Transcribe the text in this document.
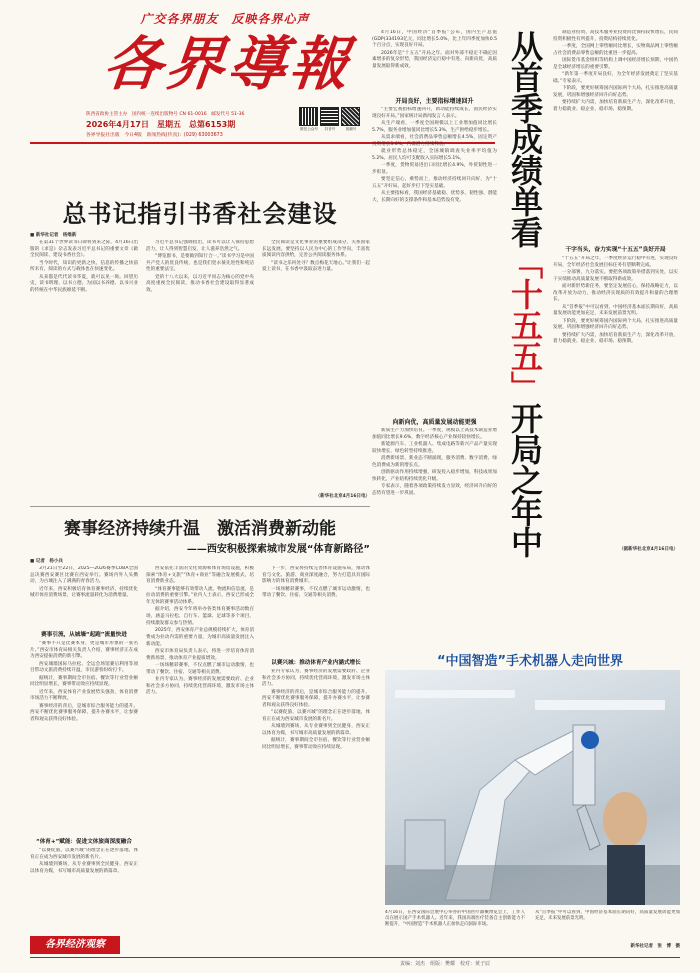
广交各界朋友　反映各界心声
各界導報
陕西省政协主管主办　国内统一连续出版物号 CN 61-0016　邮发代号 51-36
2026年4月17日　星期五　总第6153期
各界导报社出版　今日4版　新闻热线(传真)：(029) 63003673
微信公众号	抖音号	视频号

4月16日，中国经济“首季报”公布，国内生产总值(GDP)334193亿元，同比增长5.0%，比上年四季度加快0.5个百分点，实现良好开局。

2026年是“十五五”开局之年。面对外部不稳定不确定因素增多的复杂形势，我国经济运行稳中有进、向新向优，高质量发展取得新成效。

总书记指引书香社会建设
■ 新华社记者　杨维新

在第31个世界读书日即将到来之际，4月16日出版的《求是》杂志发表习近平总书记的重要文章《做全民阅读、建设书香社会》。

当今时代，知识的更新之快、信息的传播之快前所未有，阅读的方式与载体也在快速变化。

从来都是代代读书华夏，就可以见一斑。回望历史，读书明理、以书立德，为国以书养德、以书兴业的传统在中华民族绵延不断。

习近平总书记强调指出，读书可以让人保持思想活力，让人得到智慧启发，让人滋养浩然之气。

“博览群书，是要做到知行合一。”读书学习是中国共产党人的优良传统，也是我们党永葆先进性和纯洁性的重要法宝。

党的十八大以来，以习近平同志为核心的党中央高度重视全民阅读，推动书香社会建设取得显著成效。

全民阅读是文化事业的重要组成部分，关系国家长远发展。要坚持以人民为中心的工作导向，丰富优质阅读内容供给，完善公共阅读服务体系。

“读书之乐何处寻？数点梅花天地心。”让我们一起爱上读书，在书香中汲取奋进力量。

（新华社北京4月16日电）
赛事经济持续升温　激活消费新动能
——西安积极探索城市发展“体育新路径”
■ 记者　杨小兵

3月21日至22日，2025—2026赛季CUBA全国总决赛西安赛区比赛在西安举行。赛场内外人头攒动，为古城注入了满满的青春活力。

近年来，西安积极培育体育赛事经济，持续优化城市体育消费场景，让赛事流量转化为消费增量。

赛事引流，从城墙“起跑”流量快进

“赛事不只是比赛本身，更是城市形象的一张名片。”西安市体育局相关负责人介绍，赛事经济正在成为西安提振消费的新引擎。

西安城墙国际马拉松、全运会场馆赛后利用等项目带动文旅消费持续升温，市民游客纷纷打卡。

据统计，赛事期间全市住宿、餐饮等行业营业额同比明显增长，赛事带动效应持续显现。

近年来，西安体育产业发展势头强劲，体育消费市场活力不断释放。

赛事经济的背后，是城市综合服务能力的提升。西安不断优化赛事服务保障，提升办赛水平，让参赛者和观众获得良好体验。

“体育+”赋能：促进文体旅商深度融合

“以赛促旅、以赛兴城”的理念正在逐步落地，体育正在成为西安城市发展的新名片。

从城墙到赛场，从专业赛事到全民健身，西安正以体育为媒，书写城市高质量发展的新篇章。

西安依托丰富的文化资源和体育场馆设施，积极探索“体育+文旅”“体育+商业”等融合发展模式，培育消费新业态。

“体育赛事能够有效带动人流、物流和信息流，是拉动消费的重要引擎。”业内人士表示，西安已形成全年无休的赛事活动体系。

据介绍，西安今年将举办各类体育赛事活动数百场，涵盖马拉松、自行车、篮球、足球等多个项目，持续激发群众参与热情。

2025年，西安体育产业总规模持续扩大，体育消费成为拉动内需的重要力量，为城市高质量发展注入新动能。

西安市体育局负责人表示，将进一步培育体育消费新场景，推动体育产业提质增效。

一场场精彩赛事，不仅点燃了城市运动激情，也带动了餐饮、住宿、交通等相关消费。

业内专家认为，赛事经济的发展需要政府、企业和社会多方协同，持续优化营商环境，激发市场主体活力。

下一步，西安将持续完善体育设施布局，推动体育与文化、旅游、商业深度融合，努力打造具有国际影响力的体育消费城市。

一场场精彩赛事，不仅点燃了城市运动激情，也带动了餐饮、住宿、交通等相关消费。

以赛兴城：推动体育产业内涵式增长

业内专家认为，赛事经济的发展需要政府、企业和社会多方协同，持续优化营商环境，激发市场主体活力。

赛事经济的背后，是城市综合服务能力的提升。西安不断优化赛事服务保障，提升办赛水平，让参赛者和观众获得良好体验。

“以赛促旅、以赛兴城”的理念正在逐步落地，体育正在成为西安城市发展的新名片。

从城墙到赛场，从专业赛事到全民健身，西安正以体育为媒，书写城市高质量发展的新篇章。

据统计，赛事期间全市住宿、餐饮等行业营业额同比明显增长，赛事带动效应持续显现。

各界经济观察
开局良好，主要指标增速回升

“主要宏观指标增速回升，新动能持续成长，国民经济实现良好开局。”国家统计局新闻发言人表示。

从生产端看，一季度全国规模以上工业增加值同比增长5.7%，服务业增加值同比增长5.3%，生产供给稳步增长。

从需求端看，社会消费品零售总额增长4.5%，固定资产投资增长3.6%，内需潜力持续释放。

就业形势总体稳定，全国城镇调查失业率平均值为5.2%。居民人均可支配收入实际增长5.1%。

一季度，货物贸易进出口同比增长4.9%，外贸韧性进一步彰显。

要坚定信心，乘势而上，推动经济持续回升向好，为“十五五”开好局、起好步打下坚实基础。

从主要指标看，我国经济基础稳、优势多、韧性强、潜能大，长期向好的支撑条件和基本趋势没有变。

向新向优，高质量发展动能更强

新质生产力加快培育。一季度，规模以上高技术制造业增加值同比增长9.6%，数字经济核心产业保持较快增长。

新能源汽车、工业机器人、集成电路等新兴产品产量实现较快增长，绿色转型持续推进。

消费新场景、新业态不断涌现，服务消费、数字消费、绿色消费成为新的增长点。

创新驱动作用持续增强，研发投入稳步增加，科技成果加快转化，产业结构持续优化升级。

专家表示，随着各项政策持续发力显效，经济回升向好的态势有望进一步巩固。

从首季成绩单看「十五五」开局之年中

制造业投资、高技术服务业投资同比保持较快增长，民间投资积极性有所提升，投资结构持续优化。

一季度，全国网上零售额同比增长，实物商品网上零售额占社会消费品零售总额的比重进一步提高。

国际货币基金组织等机构上调中国经济增长预期，中国仍是全球经济增长的重要引擎。

“新年第一季度开局良好，为全年经济发展奠定了坚实基础。”专家表示。

下阶段，要更好统筹国内国际两个大局，扎实推进高质量发展，巩固和增强经济回升向好态势。

要持续扩大内需，加快培育新质生产力，深化改革开放，着力稳就业、稳企业、稳市场、稳预期。

干字当头，奋力实现“十五五”良好开局

“十五五”开局之年，一季度经济运行稳中有进，实现良好开局，全年经济社会发展目标任务有望顺利完成。

一分部署，九分落实。要把各项政策举措落到实处，以实干实绩推动高质量发展不断取得新成效。

面对新形势新任务，要坚定发展信心，保持战略定力，以改革开放为动力，推动经济实现质的有效提升和量的合理增长。

从“首季报”中可以看到，中国经济基本面长期向好，高质量发展动能更加充足，未来发展前景光明。

下阶段，要更好统筹国内国际两个大局，扎实推进高质量发展，巩固和增强经济回升向好态势。

要持续扩大内需，加快培育新质生产力，深化改革开放，着力稳就业、稳企业、稳市场、稳预期。

（据新华社北京4月16日电）
“中国智造”手术机器人走向世界

4月16日，在西安国际会展中心举办的中国医疗器械博览会上，工作人员在展示国产手术机器人。近年来，我国高端医疗装备自主创新能力不断提升，“中国智造”手术机器人正加快走向国际市场。

从“首季报”中可以看到，中国经济基本面长期向好，高质量发展动能更加充足，未来发展前景光明。

新华社记者　张　博　摄
责编：刘杰　组版：樊耀　校对：黄子辰
